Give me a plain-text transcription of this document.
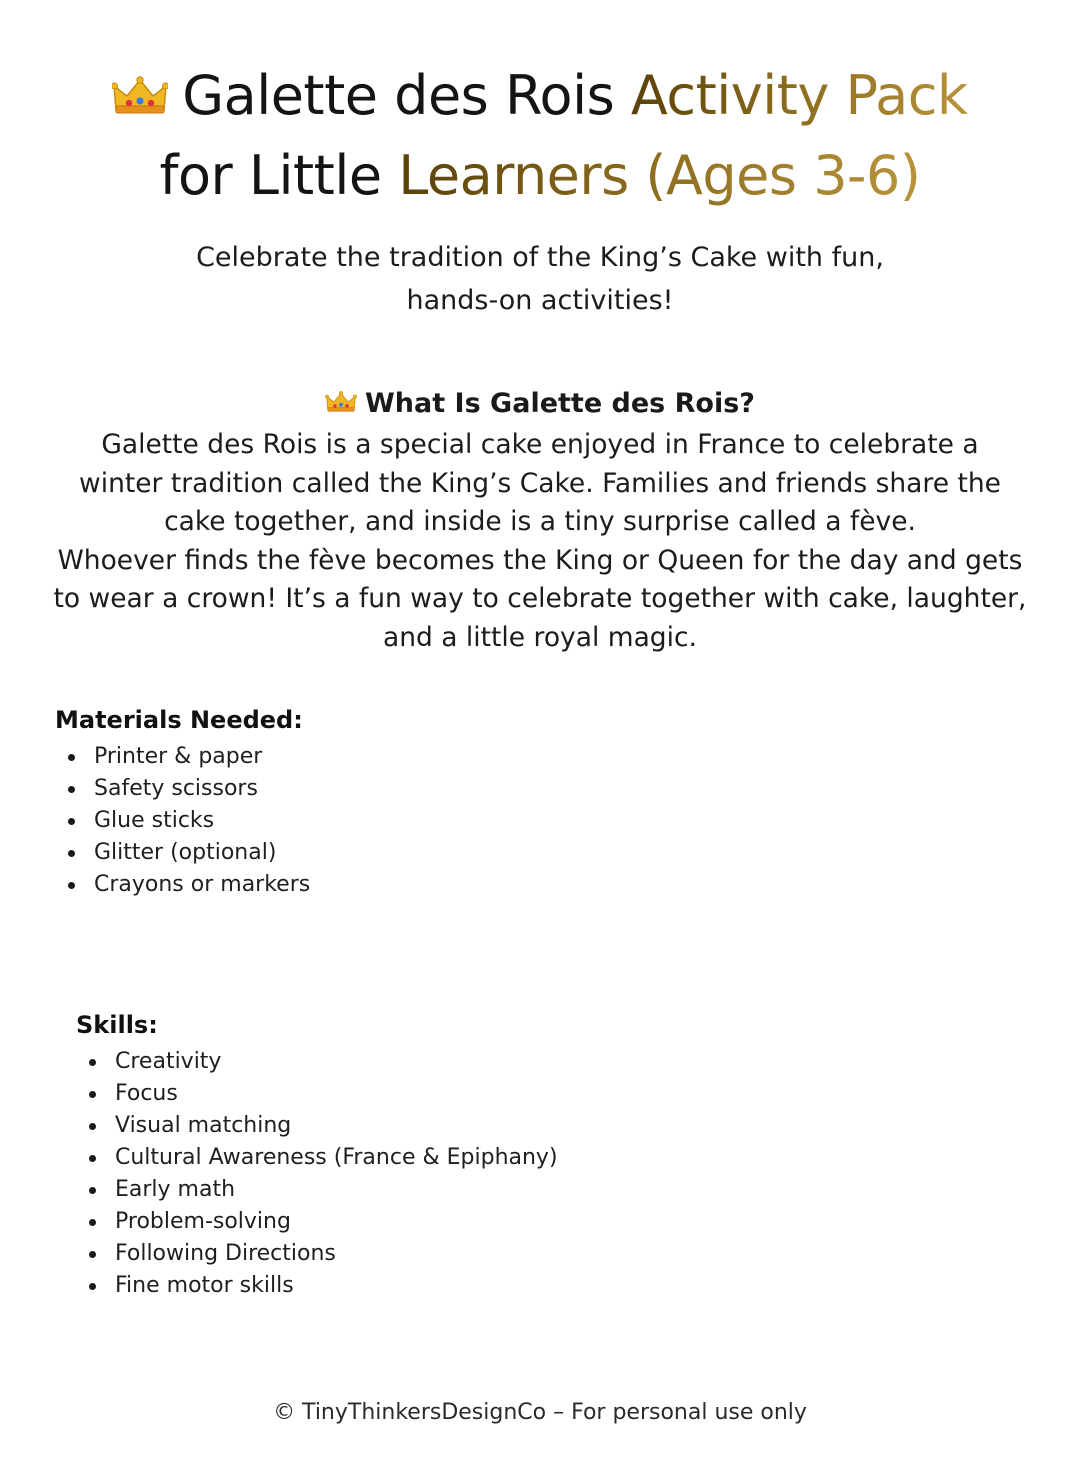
Galette des Rois Activity Pack
for Little Learners (Ages 3-6)
Celebrate the tradition of the King’s Cake with fun,
hands-on activities!
What Is Galette des Rois?

Galette des Rois is a special cake enjoyed in France to celebrate a

winter tradition called the King’s Cake. Families and friends share the

cake together, and inside is a tiny surprise called a fève.

Whoever finds the fève becomes the King or Queen for the day and gets

to wear a crown! It’s a fun way to celebrate together with cake, laughter,

and a little royal magic.

Materials Needed:
Printer & paper
Safety scissors
Glue sticks
Glitter (optional)
Crayons or markers
Skills:
Creativity
Focus
Visual matching
Cultural Awareness (France & Epiphany)
Early math
Problem-solving
Following Directions
Fine motor skills
© TinyThinkersDesignCo – For personal use only
